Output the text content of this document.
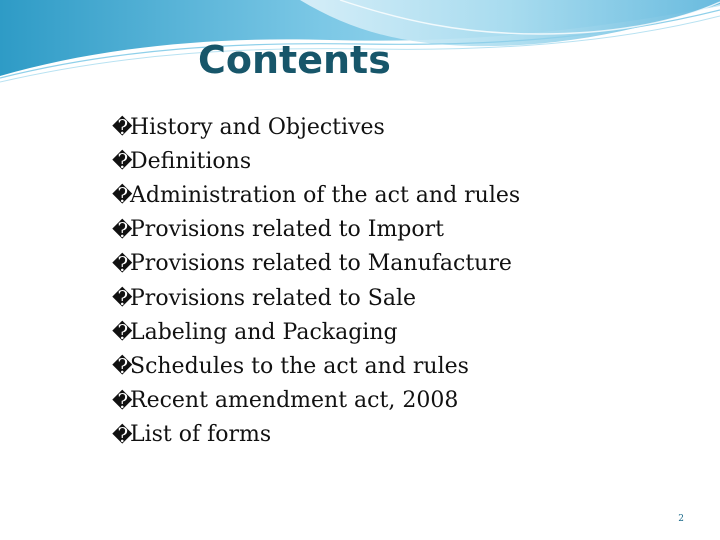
Contents
�
History and Objectives
�
Definitions
�
Administration of the act and rules
�
Provisions related to Import
�
Provisions related to Manufacture
�
Provisions related to Sale
�
Labeling and Packaging
�
Schedules to the act and rules
�
Recent amendment act, 2008
�
List of forms
2
